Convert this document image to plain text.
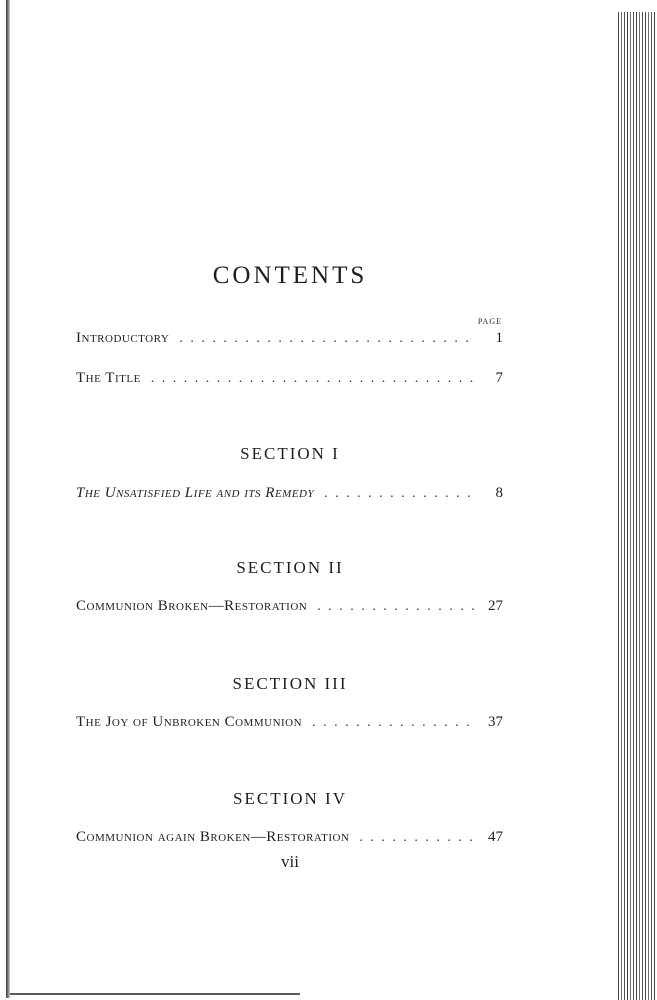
CONTENTS
PAGE
Introductory . . .	1
The Title . . .	7
SECTION I
The Unsatisfied Life and its Remedy . . .	8
SECTION II
Communion Broken—Restoration . . .	27
SECTION III
The Joy of Unbroken Communion . . .	37
SECTION IV
Communion again Broken—Restoration . . .	47
vii
